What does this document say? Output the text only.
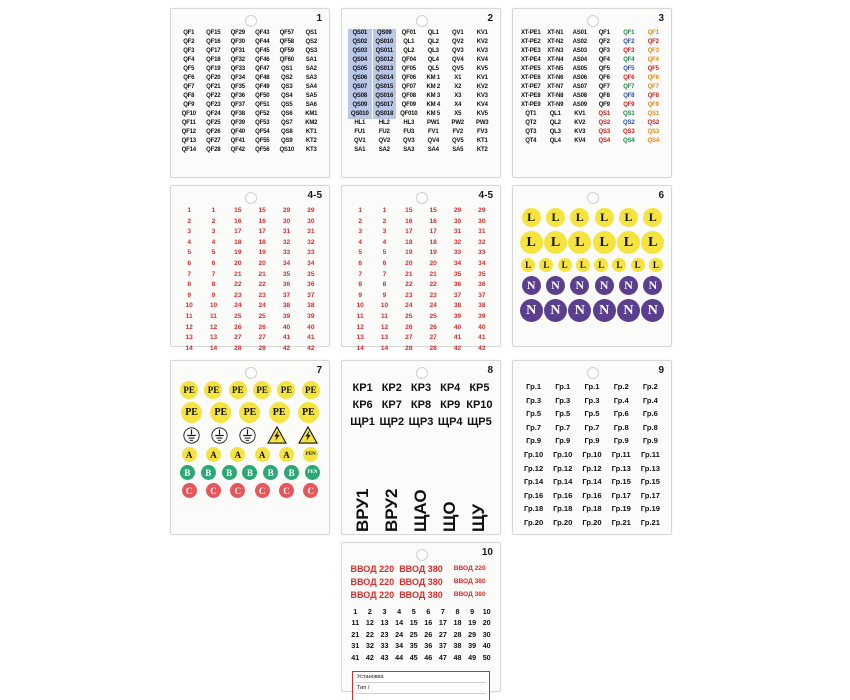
1
QF1	QF15	QF29	QF43	QF57	QS1
QF2	QF16	QF30	QF44	QF58	QS2
QF3	QF17	QF31	QF45	QF59	QS3
QF4	QF18	QF32	QF46	QF60	SA1
QF5	QF19	QF33	QF47	QS1	SA2
QF6	QF20	QF34	QF48	QS2	SA3
QF7	QF21	QF35	QF49	QS3	SA4
QF8	QF22	QF36	QF50	QS4	SA5
QF9	QF23	QF37	QF51	QS5	SA6
QF10	QF24	QF38	QF52	QS6	KM1
QF11	QF25	QF39	QF53	QS7	KM2
QF12	QF26	QF40	QF54	QS8	KT1
QF13	QF27	QF41	QF55	QS9	KT2
QF14	QF28	QF42	QF56	QS10	KT3
2
QS01	QS09	QF01	QL1	QV1	KV1
QS02	QS010	QL1	QL2	QV2	KV2
QS03	QS011	QL2	QL3	QV3	KV3
QS04	QS012	QF04	QL4	QV4	KV4
QS05	QS013	QF05	QL5	QV5	KV5
QS06	QS014	QF06	KM 1	X1	KV1
QS07	QS015	QF07	KM 2	X2	KV2
QS08	QS016	QF08	KM 3	X3	KV3
QS09	QS017	QF09	KM 4	X4	KV4
QS010	QS018	QF010	KM 5	X5	KV5
HL1	HL2	HL3	PW1	PW2	PW3
FU1	FU2	FU3	FV1	FV2	FV3
QV1	QV2	QV3	QV4	QV5	KT1
SA1	SA2	SA3	SA4	SA5	KT2
3
XT-PE1	XT-N1	AS01	QF1	QF1	QF1
XT-PE2	XT-N2	AS02	QF2	QF2	QF2
XT-PE3	XT-N3	AS03	QF3	QF3	QF3
XT-PE4	XT-N4	AS04	QF4	QF4	QF4
XT-PE5	XT-N5	AS05	QF5	QF5	QF5
XT-PE6	XT-N6	AS06	QF6	QF6	QF6
XT-PE7	XT-N7	AS07	QF7	QF7	QF7
XT-PE8	XT-N8	AS08	QF8	QF8	QF8
XT-PE9	XT-N9	AS09	QF9	QF9	QF9
QT1	QL1	KV1	QS1	QS1	QS1
QT2	QL2	KV2	QS2	QS2	QS2
QT3	QL3	KV3	QS3	QS3	QS3
QT4	QL4	KV4	QS4	QS4	QS4
4-5
1	1	15	15	29	29
2	2	16	16	30	30
3	3	17	17	31	31
4	4	18	18	32	32
5	5	19	19	33	33
6	6	20	20	34	34
7	7	21	21	35	35
8	8	22	22	36	36
9	9	23	23	37	37
10	10	24	24	38	38
11	11	25	25	39	39
12	12	26	26	40	40
13	13	27	27	41	41
14	14	28	28	42	42
4-5
1	1	15	15	29	29
2	2	16	16	30	30
3	3	17	17	31	31
4	4	18	18	32	32
5	5	19	19	33	33
6	6	20	20	34	34
7	7	21	21	35	35
8	8	22	22	36	36
9	9	23	23	37	37
10	10	24	24	38	38
11	11	25	25	39	39
12	12	26	26	40	40
13	13	27	27	41	41
14	14	28	28	42	42
6
L	L	L	L	L	L
L	L	L	L	L	L
L	L	L	L	L	L	L	L
N	N	N	N	N	N
N	N	N	N	N	N
7
PE	PE	PE	PE	PE	PE
PE	PE	PE	PE	PE
A	A	A	A	A	PEN
B	B	B	B	B	B	PEN
C	C	C	C	C	C
8
КР1 КР2 КР3 КР4 КР5
КР6 КР7 КР8 КР9 КР10
ЩР1 ЩР2 ЩР3 ЩР4 ЩР5
ВРУ1 ВРУ2 ЩАО ЩО ЩУ
9
Гр.1	Гр.1	Гр.1	Гр.2	Гр.2
Гр.3	Гр.3	Гр.3	Гр.4	Гр.4
Гр.5	Гр.5	Гр.5	Гр.6	Гр.6
Гр.7	Гр.7	Гр.7	Гр.8	Гр.8
Гр.9	Гр.9	Гр.9	Гр.9	Гр.9
Гр.10	Гр.10	Гр.10	Гр.11	Гр.11
Гр.12	Гр.12	Гр.12	Гр.13	Гр.13
Гр.14	Гр.14	Гр.14	Гр.15	Гр.15
Гр.16	Гр.16	Гр.16	Гр.17	Гр.17
Гр.18	Гр.18	Гр.18	Гр.19	Гр.19
Гр.20	Гр.20	Гр.20	Гр.21	Гр.21
10
ВВОД 220 ВВОД 380	ВВОД 220
ВВОД 220 ВВОД 380	ВВОД 380
ВВОД 220 ВВОД 380	ВВОД 380
1	2	3	4	5	6	7	8	9	10
11 12 13 14 15 16 17 18 19 20
21 22 23 24 25 26 27 28 29 30
31 32 33 34 35 36 37 38 39 40
41 42 43 44 45 46 47 48 49 50
Установка
Тип /
